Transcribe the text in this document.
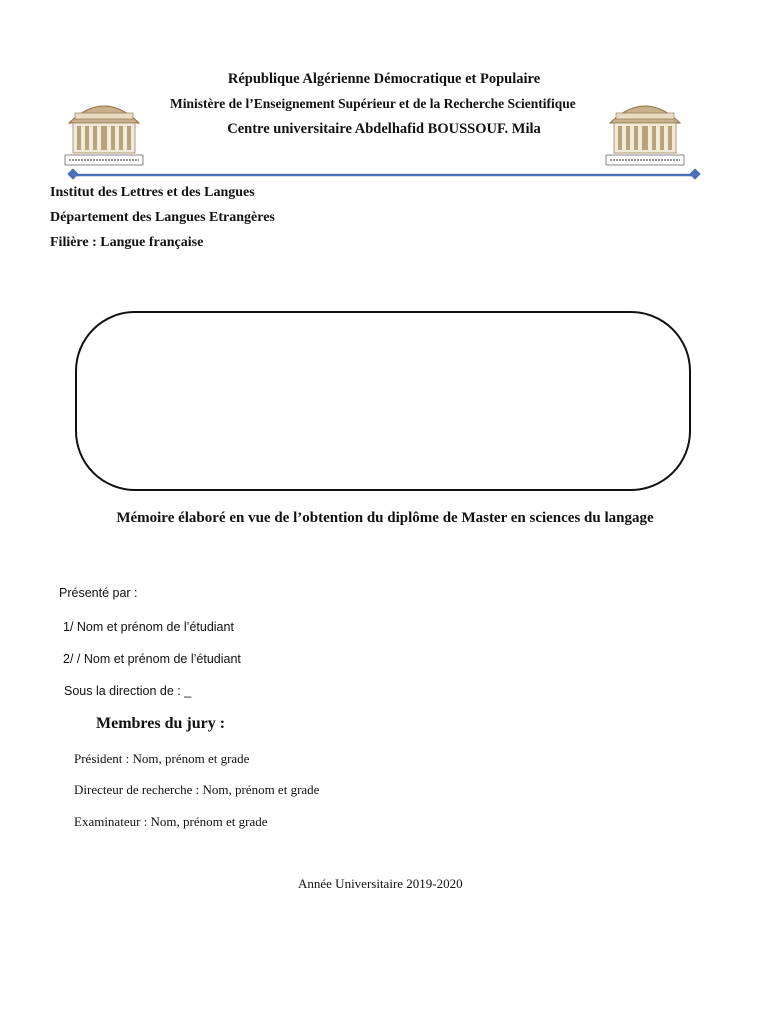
République Algérienne Démocratique et Populaire
Ministère de l’Enseignement Supérieur et de la Recherche Scientifique
Centre universitaire Abdelhafid BOUSSOUF. Mila
Institut des Lettres et des Langues
Département des Langues Etrangères
Filière : Langue française
Mémoire élaboré en vue de l’obtention du diplôme de Master en sciences du langage
Présenté par :
1/ Nom et prénom de l’étudiant
2/ / Nom et prénom de l’étudiant
Sous la direction de : _
Membres du jury :
Président : Nom, prénom et grade
Directeur de recherche : Nom, prénom et grade
Examinateur : Nom, prénom et grade
Année Universitaire 2019-2020
